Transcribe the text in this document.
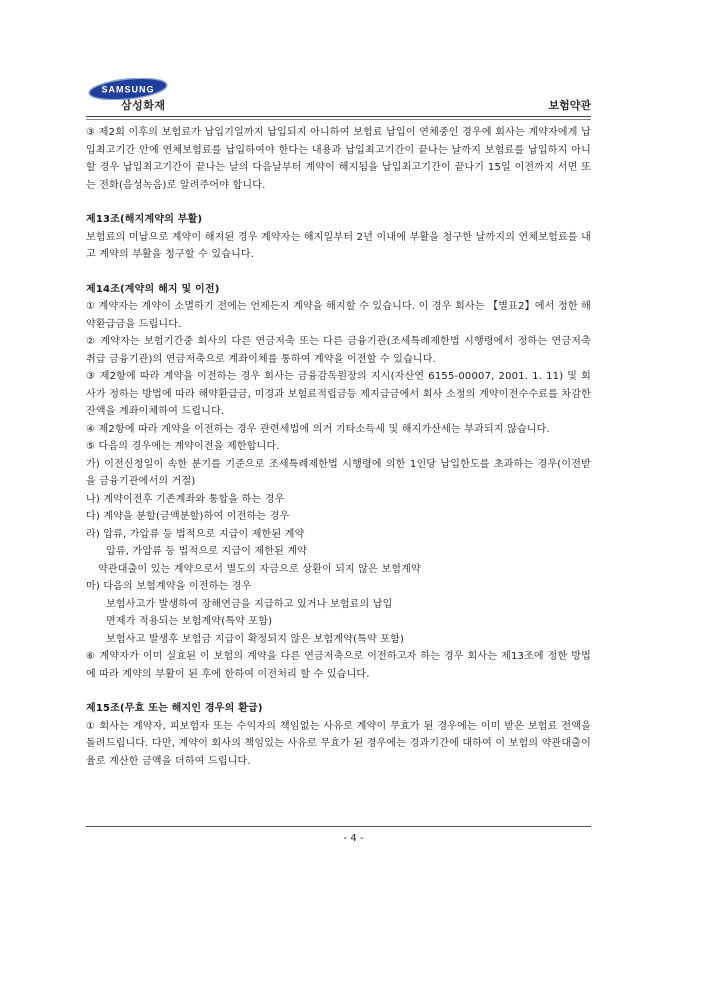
SAMSUNG
삼성화재	보험약관

③ 제2회 이후의 보험료가 납입기일까지 납입되지 아니하여 보험료 납입이 연체중인 경우에 회사는 계약자에게 납입최고기간 안에 연체보험료를 납입하여야 한다는 내용과 납입최고기간이 끝나는 날까지 보험료를 납입하지 아니할 경우 납입최고기간이 끝나는 날의 다음날부터 계약이 해지됨을 납입최고기간이 끝나기 15일 이전까지 서면 또는 전화(음성녹음)로 알려주어야 합니다.

제13조(해지계약의 부활)

보험료의 미납으로 계약이 해지된 경우 계약자는 해지일부터 2년 이내에 부활을 청구한 날까지의 연체보험료를 내고 계약의 부활을 청구할 수 있습니다.

제14조(계약의 해지 및 이전)

① 계약자는 계약이 소멸하기 전에는 언제든지 계약을 해지할 수 있습니다. 이 경우 회사는 【별표2】에서 정한 해약환급금을 드립니다.

② 계약자는 보험기간중 회사의 다른 연금저축 또는 다른 금융기관(조세특례제한법 시행령에서 정하는 연금저축 취급 금융기관)의 연금저축으로 계좌이체를 통하여 계약을 이전할 수 있습니다.

③ 제2항에 따라 계약을 이전하는 경우 회사는 금융감독원장의 지시(자산연 6155-00007, 2001. 1. 11) 및 회사가 정하는 방법에 따라 해약환급금, 미경과 보험료적립금등 제지급금에서 회사 소정의 계약이전수수료를 차감한 잔액을 계좌이체하여 드립니다.

④ 제2항에 따라 계약을 이전하는 경우 관련세법에 의거 기타소득세 및 해지가산세는 부과되지 않습니다.

⑤ 다음의 경우에는 계약이전을 제한합니다.

가) 이전신청일이 속한 분기를 기준으로 조세특례제한법 시행령에 의한 1인당 납입한도를 초과하는 경우(이전받을 금융기관에서의 거절)

나) 계약이전후 기존계좌와 통합을 하는 경우

다) 계약을 분할(금액분할)하여 이전하는 경우

라) 압류, 가압류 등 법적으로 지급이 제한된 계약

압류, 가압류 등 법적으로 지급이 제한된 계약

약관대출이 있는 계약으로서 별도의 자금으로 상환이 되지 않은 보험계약

마) 다음의 보험계약을 이전하는 경우

보험사고가 발생하여 장해연금을 지급하고 있거나 보험료의 납입

면제가 적용되는 보험계약(특약 포함)

보험사고 발생후 보험금 지급이 확정되지 않은 보험계약(특약 포함)

⑥ 계약자가 이미 실효된 이 보험의 계약을 다른 연금저축으로 이전하고자 하는 경우 회사는 제13조에 정한 방법에 따라 계약의 부활이 된 후에 한하여 이전처리 할 수 있습니다.

제15조(무효 또는 해지인 경우의 환급)

① 회사는 계약자, 피보험자 또는 수익자의 책임없는 사유로 계약이 무효가 된 경우에는 이미 받은 보험료 전액을 돌려드립니다. 다만, 계약이 회사의 책임있는 사유로 무효가 된 경우에는 경과기간에 대하여 이 보험의 약관대출이율로 계산한 금액을 더하여 드립니다.

- 4 -
